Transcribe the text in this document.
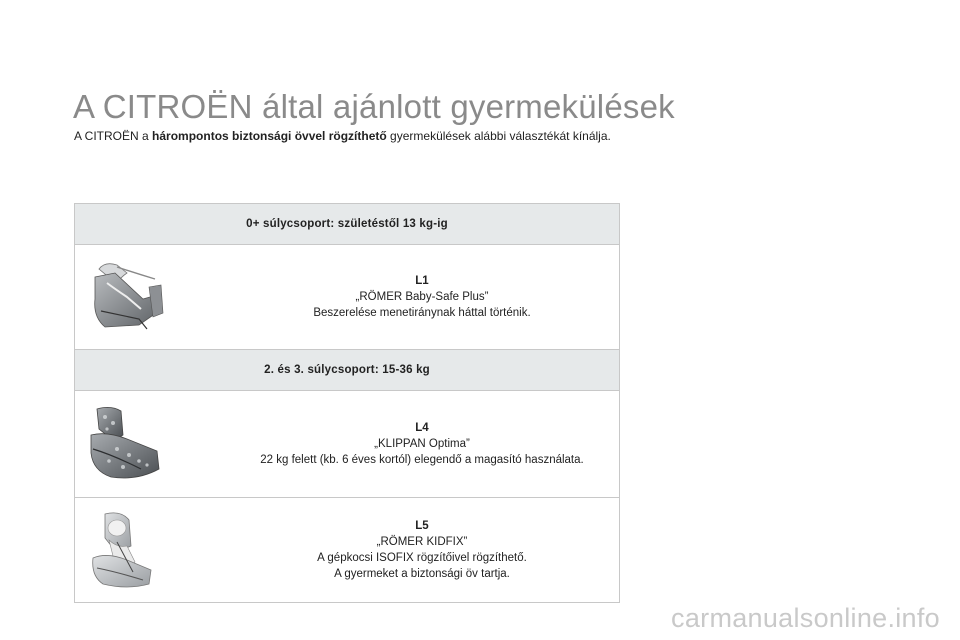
A CITROËN által ajánlott gyermekülések
A CITROËN a hárompontos biztonsági övvel rögzíthető gyermekülések alábbi választékát kínálja.
0+ súlycsoport: születéstől 13 kg-ig
L1
„RÖMER Baby-Safe Plus”
Beszerelése menetiránynak háttal történik.
2. és 3. súlycsoport: 15-36 kg
L4
„KLIPPAN Optima”
22 kg felett (kb. 6 éves kortól) elegendő a magasító használata.
L5
„RÖMER KIDFIX”
A gépkocsi ISOFIX rögzítőivel rögzíthető.
A gyermeket a biztonsági öv tartja.
carmanualsonline.info
